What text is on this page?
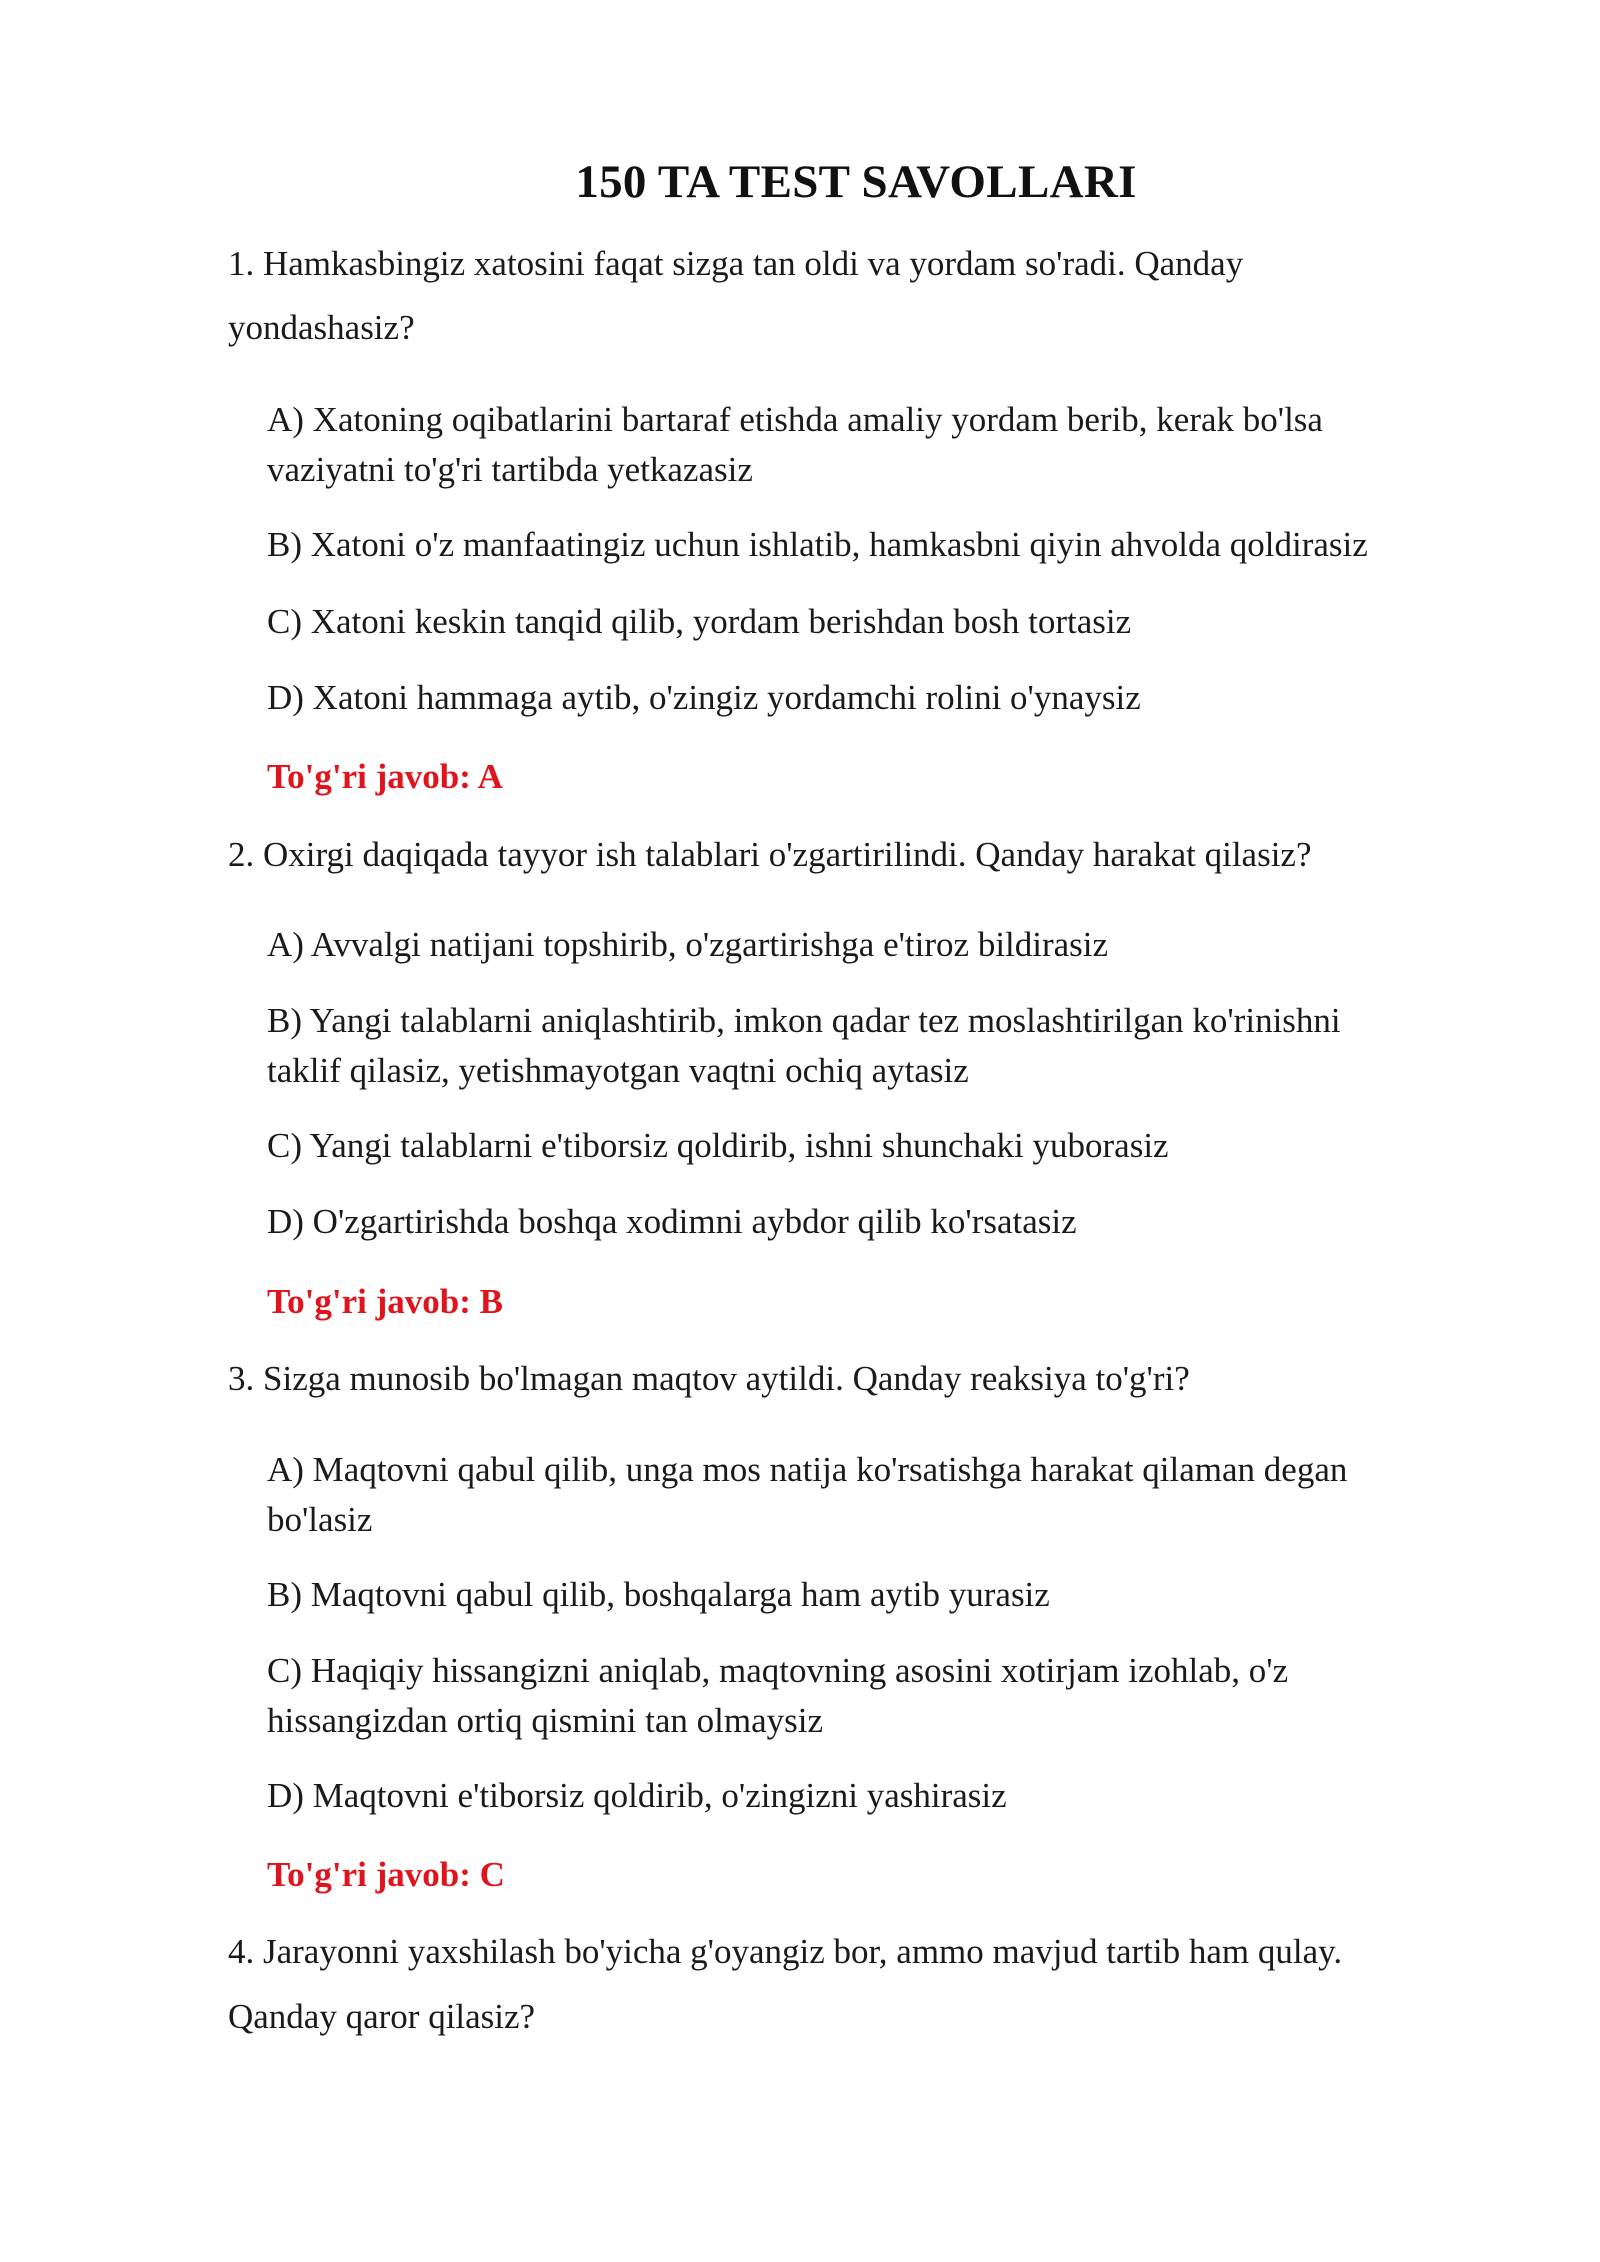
150 TA TEST SAVOLLARI
1. Hamkasbingiz xatosini faqat sizga tan oldi va yordam so'radi. Qanday
yondashasiz?
A) Xatoning oqibatlarini bartaraf etishda amaliy yordam berib, kerak bo'lsa
vaziyatni to'g'ri tartibda yetkazasiz
B) Xatoni o'z manfaatingiz uchun ishlatib, hamkasbni qiyin ahvolda qoldirasiz
C) Xatoni keskin tanqid qilib, yordam berishdan bosh tortasiz
D) Xatoni hammaga aytib, o'zingiz yordamchi rolini o'ynaysiz
To'g'ri javob: A
2. Oxirgi daqiqada tayyor ish talablari o'zgartirilindi. Qanday harakat qilasiz?
A) Avvalgi natijani topshirib, o'zgartirishga e'tiroz bildirasiz
B) Yangi talablarni aniqlashtirib, imkon qadar tez moslashtirilgan ko'rinishni
taklif qilasiz, yetishmayotgan vaqtni ochiq aytasiz
C) Yangi talablarni e'tiborsiz qoldirib, ishni shunchaki yuborasiz
D) O'zgartirishda boshqa xodimni aybdor qilib ko'rsatasiz
To'g'ri javob: B
3. Sizga munosib bo'lmagan maqtov aytildi. Qanday reaksiya to'g'ri?
A) Maqtovni qabul qilib, unga mos natija ko'rsatishga harakat qilaman degan
bo'lasiz
B) Maqtovni qabul qilib, boshqalarga ham aytib yurasiz
C) Haqiqiy hissangizni aniqlab, maqtovning asosini xotirjam izohlab, o'z
hissangizdan ortiq qismini tan olmaysiz
D) Maqtovni e'tiborsiz qoldirib, o'zingizni yashirasiz
To'g'ri javob: C
4. Jarayonni yaxshilash bo'yicha g'oyangiz bor, ammo mavjud tartib ham qulay.
Qanday qaror qilasiz?
